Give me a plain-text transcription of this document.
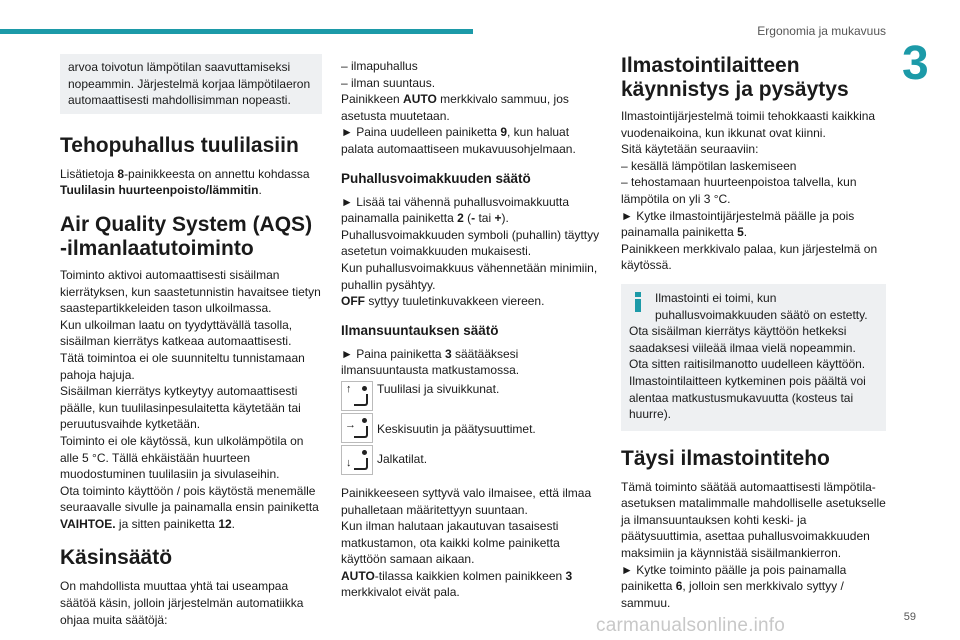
Ergonomia ja mukavuus
3

arvoa toivotun lämpötilan saavuttamiseksi nopeammin. Järjestelmä korjaa lämpötilaeron automaattisesti mahdollisimman nopeasti.

Tehopuhallus tuulilasiin

Lisätietoja 8-painikkeesta on annettu kohdassa Tuulilasin huurteenpoisto/lämmitin.

Air Quality System (AQS) -ilmanlaatutoiminto

Toiminto aktivoi automaattisesti sisäilman kierrätyksen, kun saastetunnistin havaitsee tietyn saastepartikkeleiden tason ulkoilmassa.
Kun ulkoilman laatu on tyydyttävällä tasolla, sisäilman kierrätys katkeaa automaattisesti.
Tätä toimintoa ei ole suunniteltu tunnistamaan pahoja hajuja.
Sisäilman kierrätys kytkeytyy automaattisesti päälle, kun tuulilasinpesulaitetta käytetään tai peruutusvaihde kytketään.
Toiminto ei ole käytössä, kun ulkolämpötila on alle 5 °C. Tällä ehkäistään huurteen muodostuminen tuulilasiin ja sivulaseihin.
Ota toiminto käyttöön / pois käytöstä menemälle seuraavalle sivulle ja painamalla ensin painiketta VAIHTOE. ja sitten painiketta 12.

Käsinsäätö

On mahdollista muuttaa yhtä tai useampaa säätöä käsin, jolloin järjestelmän automatiikka ohjaa muita säätöjä:

– ilmapuhallus

– ilman suuntaus.

Painikkeen AUTO merkkivalo sammuu, jos asetusta muutetaan.

► Paina uudelleen painiketta 9, kun haluat palata automaattiseen mukavuusohjelmaan.

Puhallusvoimakkuuden säätö

► Lisää tai vähennä puhallusvoimakkuutta painamalla painiketta 2 (- tai +).

Puhallusvoimakkuuden symboli (puhallin) täyttyy asetetun voimakkuuden mukaisesti.
Kun puhallusvoimakkuus vähennetään minimiin, puhallin pysähtyy.

OFF syttyy tuuletinkuvakkeen viereen.

Ilmansuuntauksen säätö

► Paina painiketta 3 säätääksesi ilmansuuntausta matkustamossa.

↑ Tuulilasi ja sivuikkunat.
→ Keskisuutin ja päätysuuttimet.
↓ Jalkatilat.

Painikkeeseen syttyvä valo ilmaisee, että ilmaa puhalletaan määritettyyn suuntaan.
Kun ilman halutaan jakautuvan tasaisesti matkustamon, ota kaikki kolme painiketta käyttöön samaan aikaan.

AUTO-tilassa kaikkien kolmen painikkeen 3 merkkivalot eivät pala.

Ilmastointilaitteen käynnistys ja pysäytys

Ilmastointijärjestelmä toimii tehokkaasti kaikkina vuodenaikoina, kun ikkunat ovat kiinni.
Sitä käytetään seuraaviin:
– kesällä lämpötilan laskemiseen
– tehostamaan huurteenpoistoa talvella, kun lämpötila on yli 3 °C.

► Kytke ilmastointijärjestelmä päälle ja pois painamalla painiketta 5.

Painikkeen merkkivalo palaa, kun järjestelmä on käytössä.

Ilmastointi ei toimi, kun puhallusvoimakkuuden säätö on estetty.

Ota sisäilman kierrätys käyttöön hetkeksi saadaksesi viileää ilmaa vielä nopeammin. Ota sitten raitisilmanotto uudelleen käyttöön.
Ilmastointilaitteen kytkeminen pois päältä voi alentaa matkustusmukavuutta (kosteus tai huurre).

Täysi ilmastointiteho

Tämä toiminto säätää automaattisesti lämpötila-asetuksen matalimmalle mahdolliselle asetukselle ja ilmansuuntauksen kohti keski- ja päätysuuttimia, asettaa puhallusvoimakkuuden maksimiin ja käynnistää sisäilmankierron.

► Kytke toiminto päälle ja pois painamalla painiketta 6, jolloin sen merkkivalo syttyy / sammuu.

59
carmanualsonline.info
